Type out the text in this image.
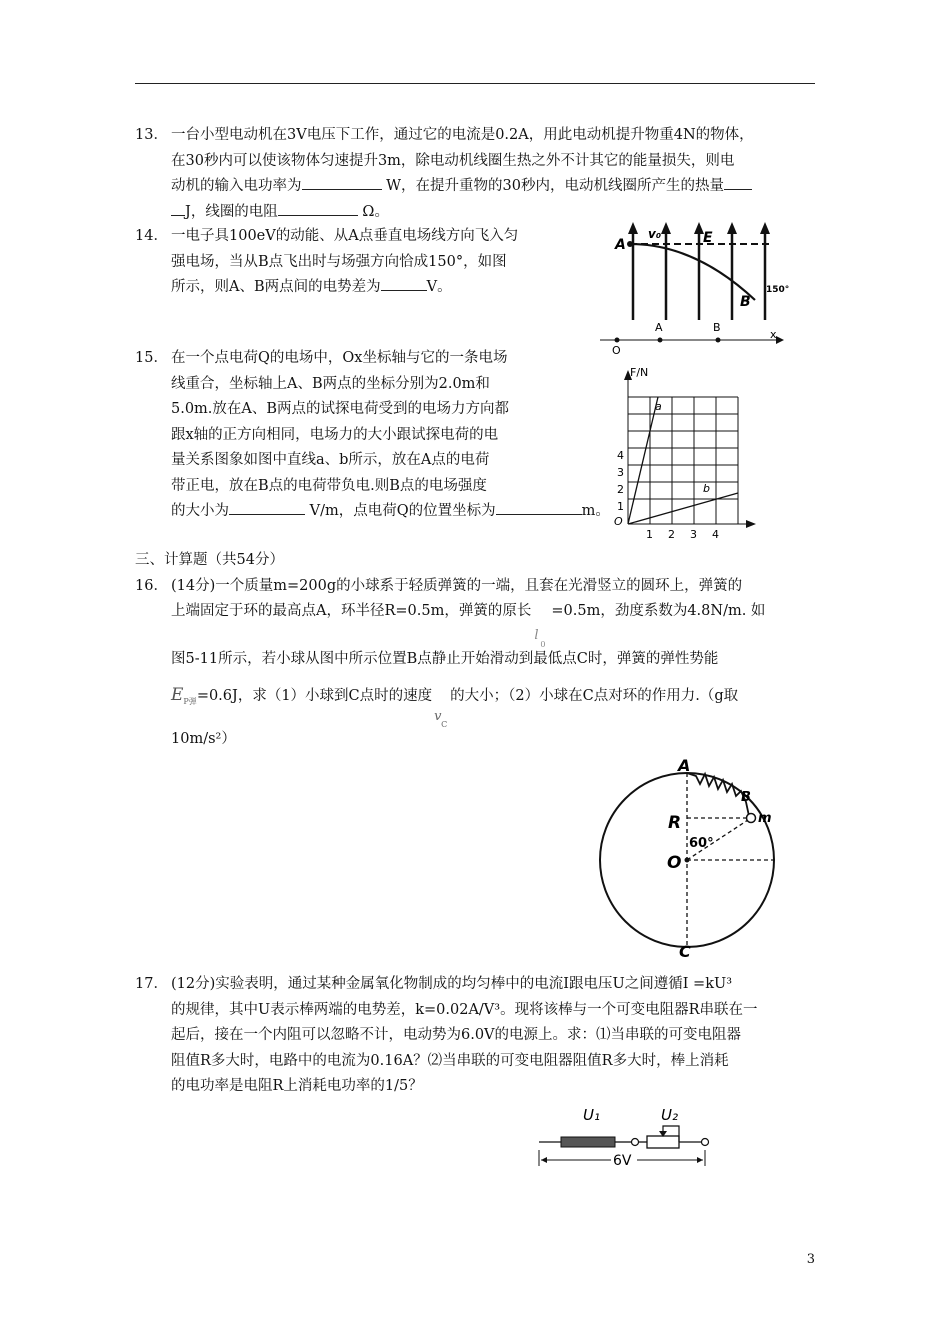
13． 一台小型电动机在3V电压下工作，通过它的电流是0.2A，用此电动机提升物重4N的物体，
在30秒内可以使该物体匀速提升3m，除电动机线圈生热之外不计其它的能量损失，则电
动机的输入电功率为	W，在提升重物的30秒内，电动机线圈所产生的热量
J，线圈的电阻	Ω。
14． 一电子具100eV的动能、从A点垂直电场线方向飞入匀
强电场，当从B点飞出时与场强方向恰成150°，如图
所示，则A、B两点间的电势差为	V。
A
v₀	E
B
150°
A	B
x
O
15． 在一个点电荷Q的电场中，Ox坐标轴与它的一条电场
线重合，坐标轴上A、B两点的坐标分别为2.0m和
5.0m.放在A、B两点的试探电荷受到的电场力方向都
跟x轴的正方向相同，电场力的大小跟试探电荷的电
量关系图象如图中直线a、b所示，放在A点的电荷
带正电，放在B点的电荷带负电.则B点的电场强度
的大小为	V/m，点电荷Q的位置坐标为	m。
F/N
a
b
O
4
3
2
1
1 2 3 4
三、计算题（共54分）
16． (14分)一个质量m=200g的小球系于轻质弹簧的一端，且套在光滑竖立的圆环上，弹簧的
上端固定于环的最高点A，环半径R=0.5m，弹簧的原长
l
0
=0.5m，劲度系数为4.8N/m. 如
图5-11所示，若小球从图中所示位置B点静止开始滑动到最低点C时，弹簧的弹性势能
$E_{P弹}=0.6J$，求（1）小球到C点时的速度
v
C
的大小；（2）小球在C点对环的作用力.（g取
10m/s²）
A
B
m
R
60°
O
C
17． (12分)实验表明，通过某种金属氧化物制成的均匀棒中的电流I跟电压U之间遵循I =kU³
的规律，其中U表示棒两端的电势差，k=0.02A/V³。现将该棒与一个可变电阻器R串联在一
起后，接在一个内阻可以忽略不计，电动势为6.0V的电源上。求：⑴当串联的可变电阻器
阻值R多大时，电路中的电流为0.16A？⑵当串联的可变电阻器阻值R多大时，棒上消耗
的电功率是电阻R上消耗电功率的1/5？
U₁	U₂
6V
3
